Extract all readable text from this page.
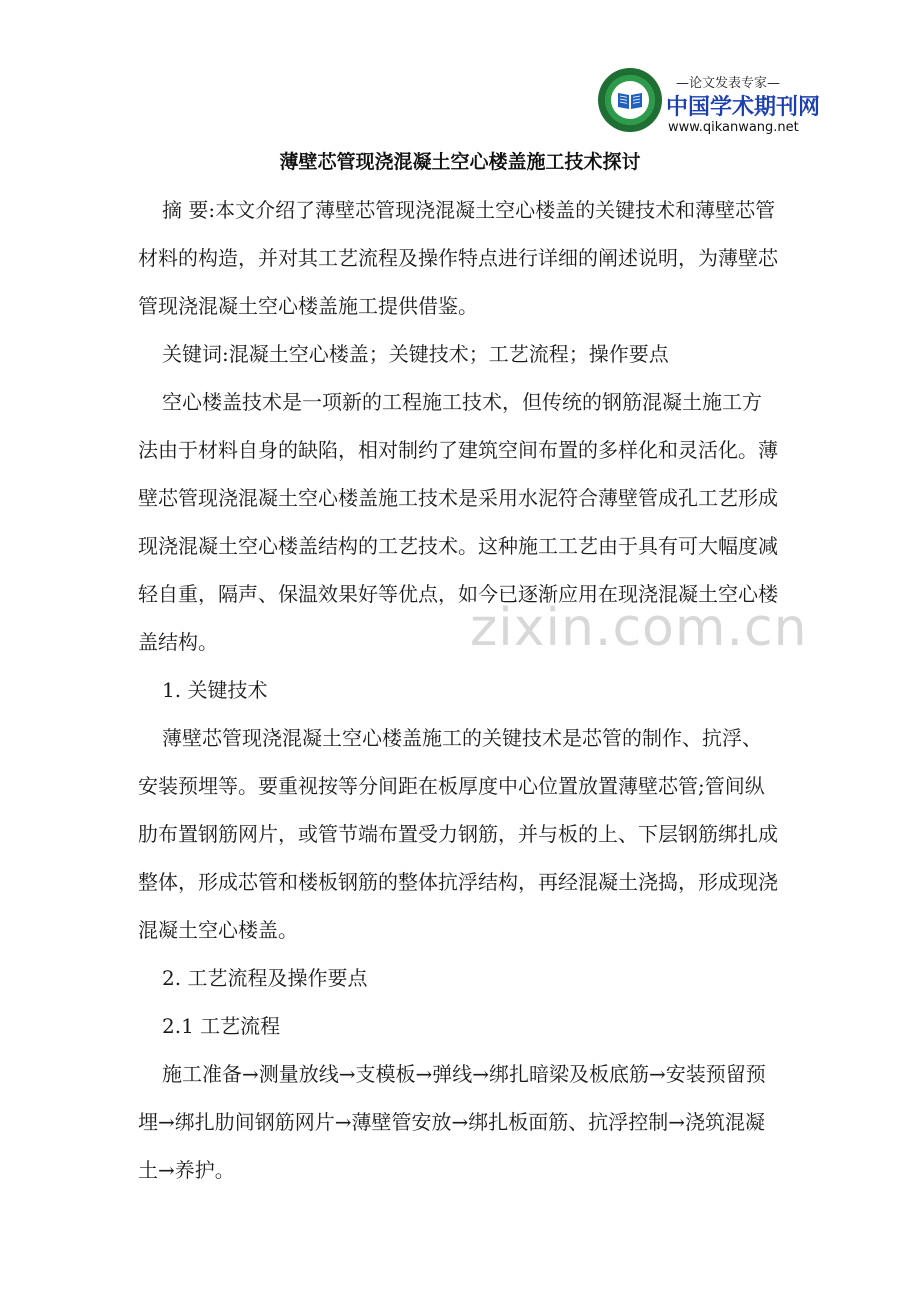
—论文发表专家—
中国学术期刊网
www.qikanwang.net
zixin.com.cn
薄壁芯管现浇混凝土空心楼盖施工技术探讨

摘 要:本文介绍了薄壁芯管现浇混凝土空心楼盖的关键技术和薄壁芯管材料的构造，并对其工艺流程及操作特点进行详细的阐述说明，为薄壁芯管现浇混凝土空心楼盖施工提供借鉴。

关键词:混凝土空心楼盖；关键技术；工艺流程；操作要点

空心楼盖技术是一项新的工程施工技术，但传统的钢筋混凝土施工方法由于材料自身的缺陷，相对制约了建筑空间布置的多样化和灵活化。薄壁芯管现浇混凝土空心楼盖施工技术是采用水泥符合薄壁管成孔工艺形成现浇混凝土空心楼盖结构的工艺技术。这种施工工艺由于具有可大幅度减轻自重，隔声、保温效果好等优点，如今已逐渐应用在现浇混凝土空心楼盖结构。

1. 关键技术

薄壁芯管现浇混凝土空心楼盖施工的关键技术是芯管的制作、抗浮、安装预埋等。要重视按等分间距在板厚度中心位置放置薄壁芯管;管间纵肋布置钢筋网片，或管节端布置受力钢筋，并与板的上、下层钢筋绑扎成整体，形成芯管和楼板钢筋的整体抗浮结构，再经混凝土浇捣，形成现浇混凝土空心楼盖。

2. 工艺流程及操作要点

2.1 工艺流程

施工准备→测量放线→支模板→弹线→绑扎暗梁及板底筋→安装预留预埋→绑扎肋间钢筋网片→薄壁管安放→绑扎板面筋、抗浮控制→浇筑混凝土→养护。
